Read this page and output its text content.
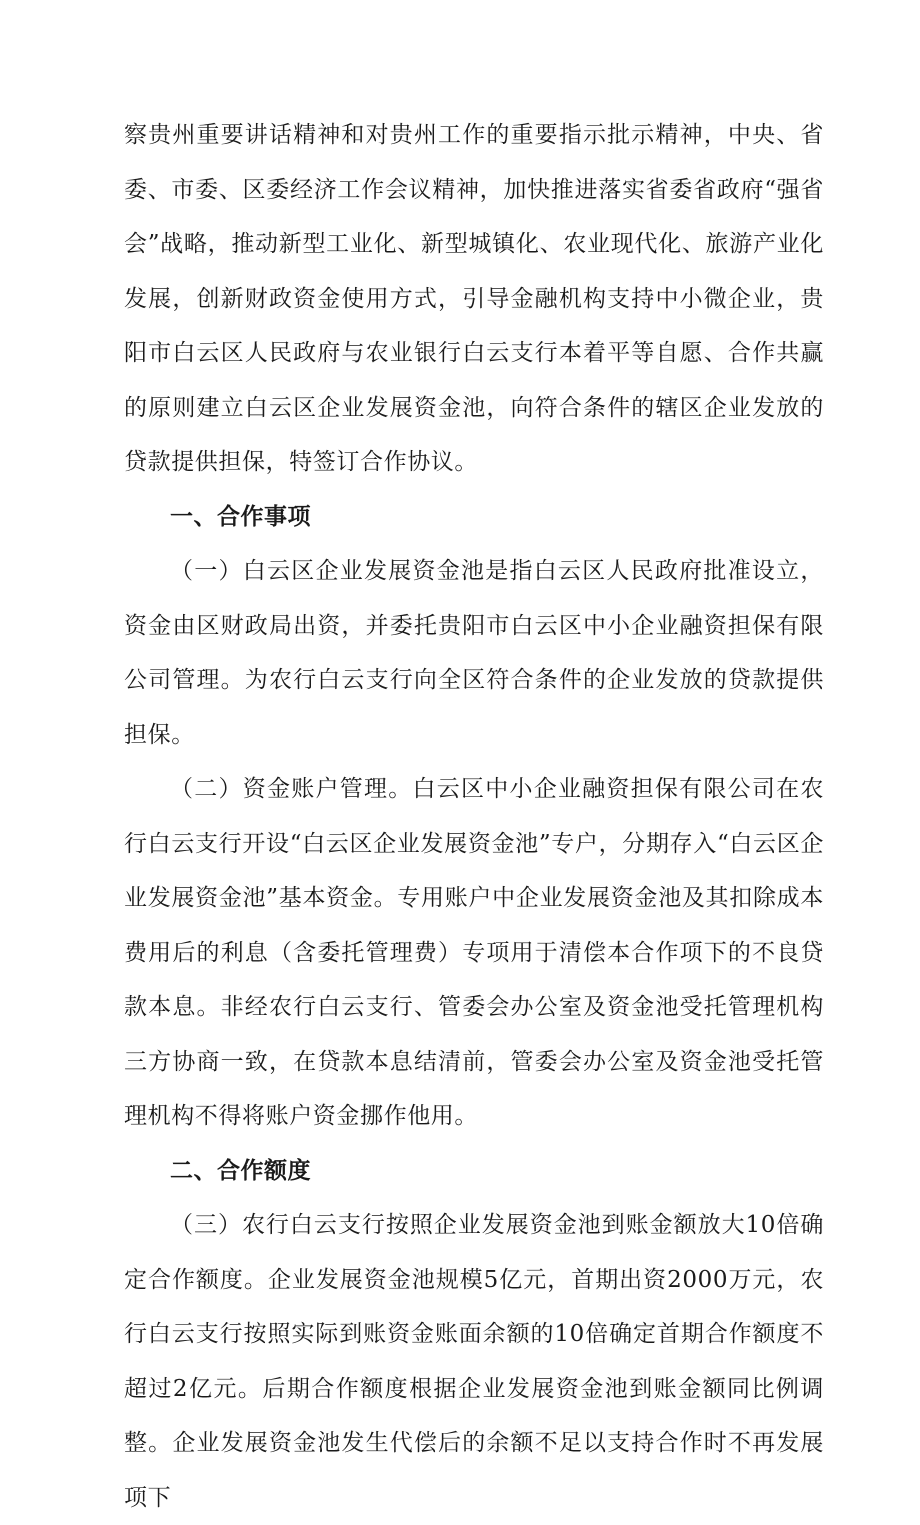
察贵州重要讲话精神和对贵州工作的重要指示批示精神，中央、省委、市委、区委经济工作会议精神，加快推进落实省委省政府“强省会”战略，推动新型工业化、新型城镇化、农业现代化、旅游产业化发展，创新财政资金使用方式，引导金融机构支持中小微企业，贵阳市白云区人民政府与农业银行白云支行本着平等自愿、合作共赢的原则建立白云区企业发展资金池，向符合条件的辖区企业发放的贷款提供担保，特签订合作协议。

一、合作事项

（一）白云区企业发展资金池是指白云区人民政府批准设立，资金由区财政局出资，并委托贵阳市白云区中小企业融资担保有限公司管理。为农行白云支行向全区符合条件的企业发放的贷款提供担保。

（二）资金账户管理。白云区中小企业融资担保有限公司在农行白云支行开设“白云区企业发展资金池”专户，分期存入“白云区企业发展资金池”基本资金。专用账户中企业发展资金池及其扣除成本费用后的利息（含委托管理费）专项用于清偿本合作项下的不良贷款本息。非经农行白云支行、管委会办公室及资金池受托管理机构三方协商一致，在贷款本息结清前，管委会办公室及资金池受托管理机构不得将账户资金挪作他用。

二、合作额度

（三）农行白云支行按照企业发展资金池到账金额放大10倍确定合作额度。企业发展资金池规模5亿元，首期出资2000万元，农行白云支行按照实际到账资金账面余额的10倍确定首期合作额度不超过2亿元。后期合作额度根据企业发展资金池到账金额同比例调整。企业发展资金池发生代偿后的余额不足以支持合作时不再发展项下
